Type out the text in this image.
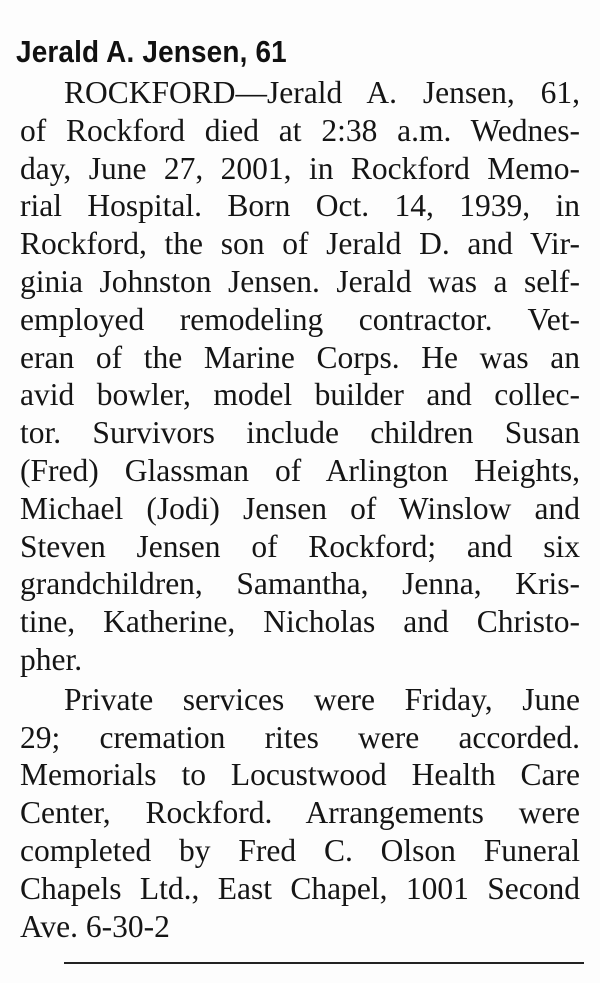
Jerald A. Jensen, 61
ROCKFORD—Jerald A. Jensen, 61,
of Rockford died at 2:38 a.m. Wednes-
day, June 27, 2001, in Rockford Memo-
rial Hospital. Born Oct. 14, 1939, in
Rockford, the son of Jerald D. and Vir-
ginia Johnston Jensen. Jerald was a self-
employed remodeling contractor. Vet-
eran of the Marine Corps. He was an
avid bowler, model builder and collec-
tor. Survivors include children Susan
(Fred) Glassman of Arlington Heights,
Michael (Jodi) Jensen of Winslow and
Steven Jensen of Rockford; and six
grandchildren, Samantha, Jenna, Kris-
tine, Katherine, Nicholas and Christo-
pher.
Private services were Friday, June
29; cremation rites were accorded.
Memorials to Locustwood Health Care
Center, Rockford. Arrangements were
completed by Fred C. Olson Funeral
Chapels Ltd., East Chapel, 1001 Second
Ave. 6-30-2
